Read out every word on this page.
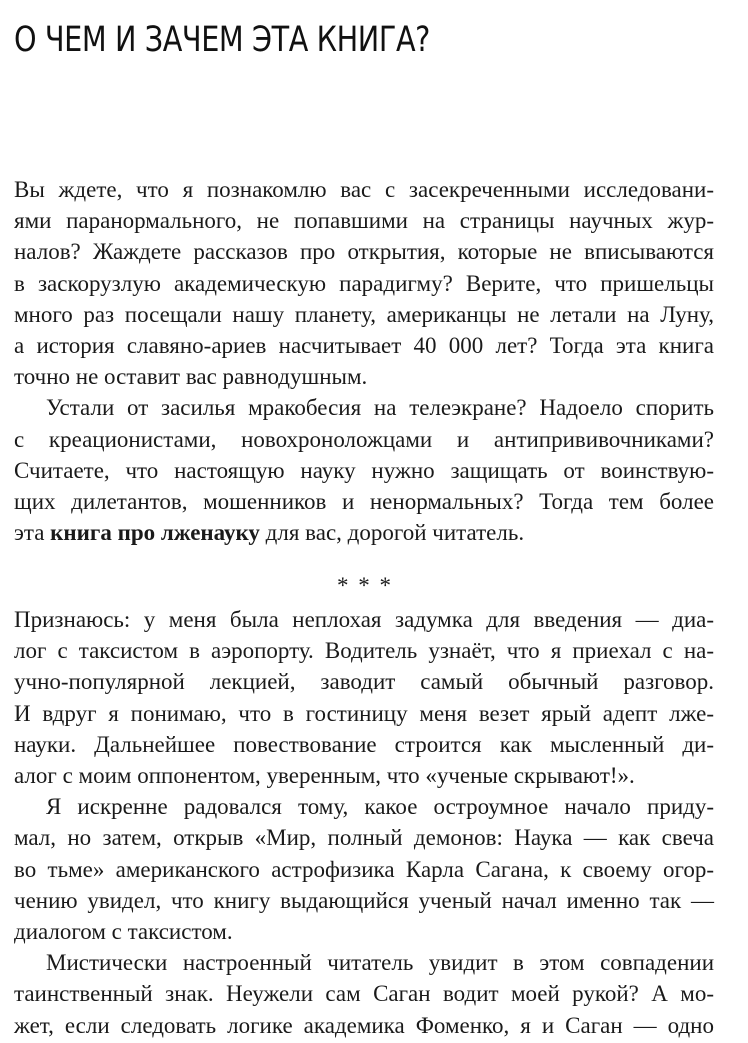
О ЧЕМ И ЗАЧЕМ ЭТА КНИГА?

Вы ждете, что я познакомлю вас с засекреченными исследовани-
ями паранормального, не попавшими на страницы научных жур-
налов? Жаждете рассказов про открытия, которые не вписываются
в заскорузлую академическую парадигму? Верите, что пришельцы
много раз посещали нашу планету, американцы не летали на Луну,
а история славяно-ариев насчитывает 40 000 лет? Тогда эта книга
точно не оставит вас равнодушным.

Устали от засилья мракобесия на телеэкране? Надоело спорить
с креационистами, новохроноложцами и антипрививочниками?
Считаете, что настоящую науку нужно защищать от воинствую-
щих дилетантов, мошенников и ненормальных? Тогда тем более
эта книга про лженауку для вас, дорогой читатель.

* * *

Признаюсь: у меня была неплохая задумка для введения — диа-
лог с таксистом в аэропорту. Водитель узнаёт, что я приехал с на-
учно-популярной лекцией, заводит самый обычный разговор.
И вдруг я понимаю, что в гостиницу меня везет ярый адепт лже-
науки. Дальнейшее повествование строится как мысленный ди-
алог с моим оппонентом, уверенным, что «ученые скрывают!».

Я искренне радовался тому, какое остроумное начало приду-
мал, но затем, открыв «Мир, полный демонов: Наука — как свеча
во тьме» американского астрофизика Карла Сагана, к своему огор-
чению увидел, что книгу выдающийся ученый начал именно так —
диалогом с таксистом.

Мистически настроенный читатель увидит в этом совпадении
таинственный знак. Неужели сам Саган водит моей рукой? А мо-
жет, если следовать логике академика Фоменко, я и Саган — одно
